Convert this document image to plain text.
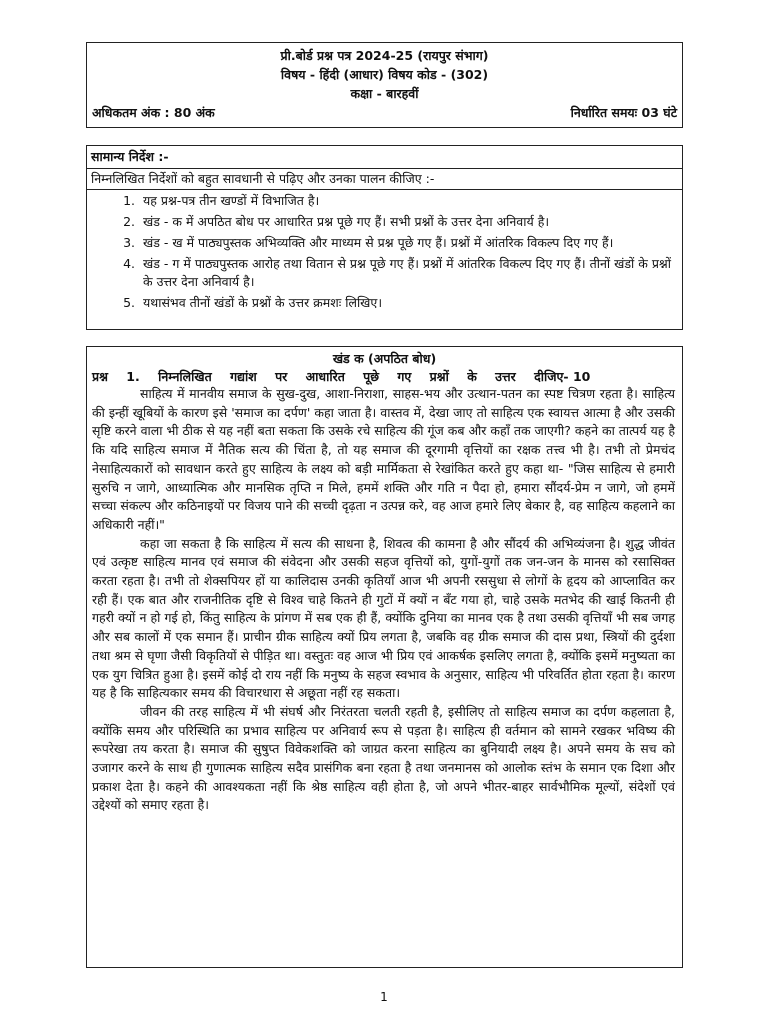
प्री.बोर्ड प्रश्न पत्र 2024-25 (रायपुर संभाग)
विषय - हिंदी (आधार) विषय कोड - (302)
कक्षा - बारहवीं
अधिकतम अंक : 80 अंक	निर्धारित समयः 03 घंटे
सामान्य निर्देश :-
निम्नलिखित निर्देशों को बहुत सावधानी से पढ़िए और उनका पालन कीजिए :-
1. यह प्रश्न-पत्र तीन खण्डों में विभाजित है।
2. खंड - क में अपठित बोध पर आधारित प्रश्न पूछे गए हैं। सभी प्रश्नों के उत्तर देना अनिवार्य है।
3. खंड - ख में पाठ्यपुस्तक अभिव्यक्ति और माध्यम से प्रश्न पूछे गए हैं। प्रश्नों में आंतरिक विकल्प दिए गए हैं।
4. खंड - ग में पाठ्यपुस्तक आरोह तथा वितान से प्रश्न पूछे गए हैं। प्रश्नों में आंतरिक विकल्प दिए गए हैं। तीनों खंडों के प्रश्नों के उत्तर देना अनिवार्य है।
5. यथासंभव तीनों खंडों के प्रश्नों के उत्तर क्रमशः लिखिए।
खंड क (अपठित बोध)
प्रश्न 1. निम्नलिखित गद्यांश पर आधारित पूछे गए प्रश्नों के उत्तर दीजिए- 10

साहित्य में मानवीय समाज के सुख-दुख, आशा-निराशा, साहस-भय और उत्थान-पतन का स्पष्ट चित्रण रहता है। साहित्य की इन्हीं खूबियों के कारण इसे 'समाज का दर्पण' कहा जाता है। वास्तव में, देखा जाए तो साहित्य एक स्वायत्त आत्मा है और उसकी सृष्टि करने वाला भी ठीक से यह नहीं बता सकता कि उसके रचे साहित्य की गूंज कब और कहाँ तक जाएगी? कहने का तात्पर्य यह है कि यदि साहित्य समाज में नैतिक सत्य की चिंता है, तो यह समाज की दूरगामी वृत्तियों का रक्षक तत्त्व भी है। तभी तो प्रेमचंद नेसाहित्यकारों को सावधान करते हुए साहित्य के लक्ष्य को बड़ी मार्मिकता से रेखांकित करते हुए कहा था- "जिस साहित्य से हमारी सुरुचि न जागे, आध्यात्मिक और मानसिक तृप्ति न मिले, हममें शक्ति और गति न पैदा हो, हमारा सौंदर्य-प्रेम न जागे, जो हममें सच्चा संकल्प और कठिनाइयों पर विजय पाने की सच्ची दृढ़ता न उत्पन्न करे, वह आज हमारे लिए बेकार है, वह साहित्य कहलाने का अधिकारी नहीं।"

कहा जा सकता है कि साहित्य में सत्य की साधना है, शिवत्व की कामना है और सौंदर्य की अभिव्यंजना है। शुद्ध जीवंत एवं उत्कृष्ट साहित्य मानव एवं समाज की संवेदना और उसकी सहज वृत्तियों को, युगों-युगों तक जन-जन के मानस को रसासिक्त करता रहता है। तभी तो शेक्सपियर हों या कालिदास उनकी कृतियाँ आज भी अपनी रससुधा से लोगों के हृदय को आप्लावित कर रही हैं। एक बात और राजनीतिक दृष्टि से विश्व चाहे कितने ही गुटों में क्यों न बँट गया हो, चाहे उसके मतभेद की खाई कितनी ही गहरी क्यों न हो गई हो, किंतु साहित्य के प्रांगण में सब एक ही हैं, क्योंकि दुनिया का मानव एक है तथा उसकी वृत्तियाँ भी सब जगह और सब कालों में एक समान हैं। प्राचीन ग्रीक साहित्य क्यों प्रिय लगता है, जबकि वह ग्रीक समाज की दास प्रथा, स्त्रियों की दुर्दशा तथा श्रम से घृणा जैसी विकृतियों से पीड़ित था। वस्तुतः वह आज भी प्रिय एवं आकर्षक इसलिए लगता है, क्योंकि इसमें मनुष्यता का एक युग चित्रित हुआ है। इसमें कोई दो राय नहीं कि मनुष्य के सहज स्वभाव के अनुसार, साहित्य भी परिवर्तित होता रहता है। कारण यह है कि साहित्यकार समय की विचारधारा से अछूता नहीं रह सकता।

जीवन की तरह साहित्य में भी संघर्ष और निरंतरता चलती रहती है, इसीलिए तो साहित्य समाज का दर्पण कहलाता है, क्योंकि समय और परिस्थिति का प्रभाव साहित्य पर अनिवार्य रूप से पड़ता है। साहित्य ही वर्तमान को सामने रखकर भविष्य की रूपरेखा तय करता है। समाज की सुषुप्त विवेकशक्ति को जाग्रत करना साहित्य का बुनियादी लक्ष्य है। अपने समय के सच को उजागर करने के साथ ही गुणात्मक साहित्य सदैव प्रासंगिक बना रहता है तथा जनमानस को आलोक स्तंभ के समान एक दिशा और प्रकाश देता है। कहने की आवश्यकता नहीं कि श्रेष्ठ साहित्य वही होता है, जो अपने भीतर-बाहर सार्वभौमिक मूल्यों, संदेशों एवं उद्देश्यों को समाए रहता है।

1
